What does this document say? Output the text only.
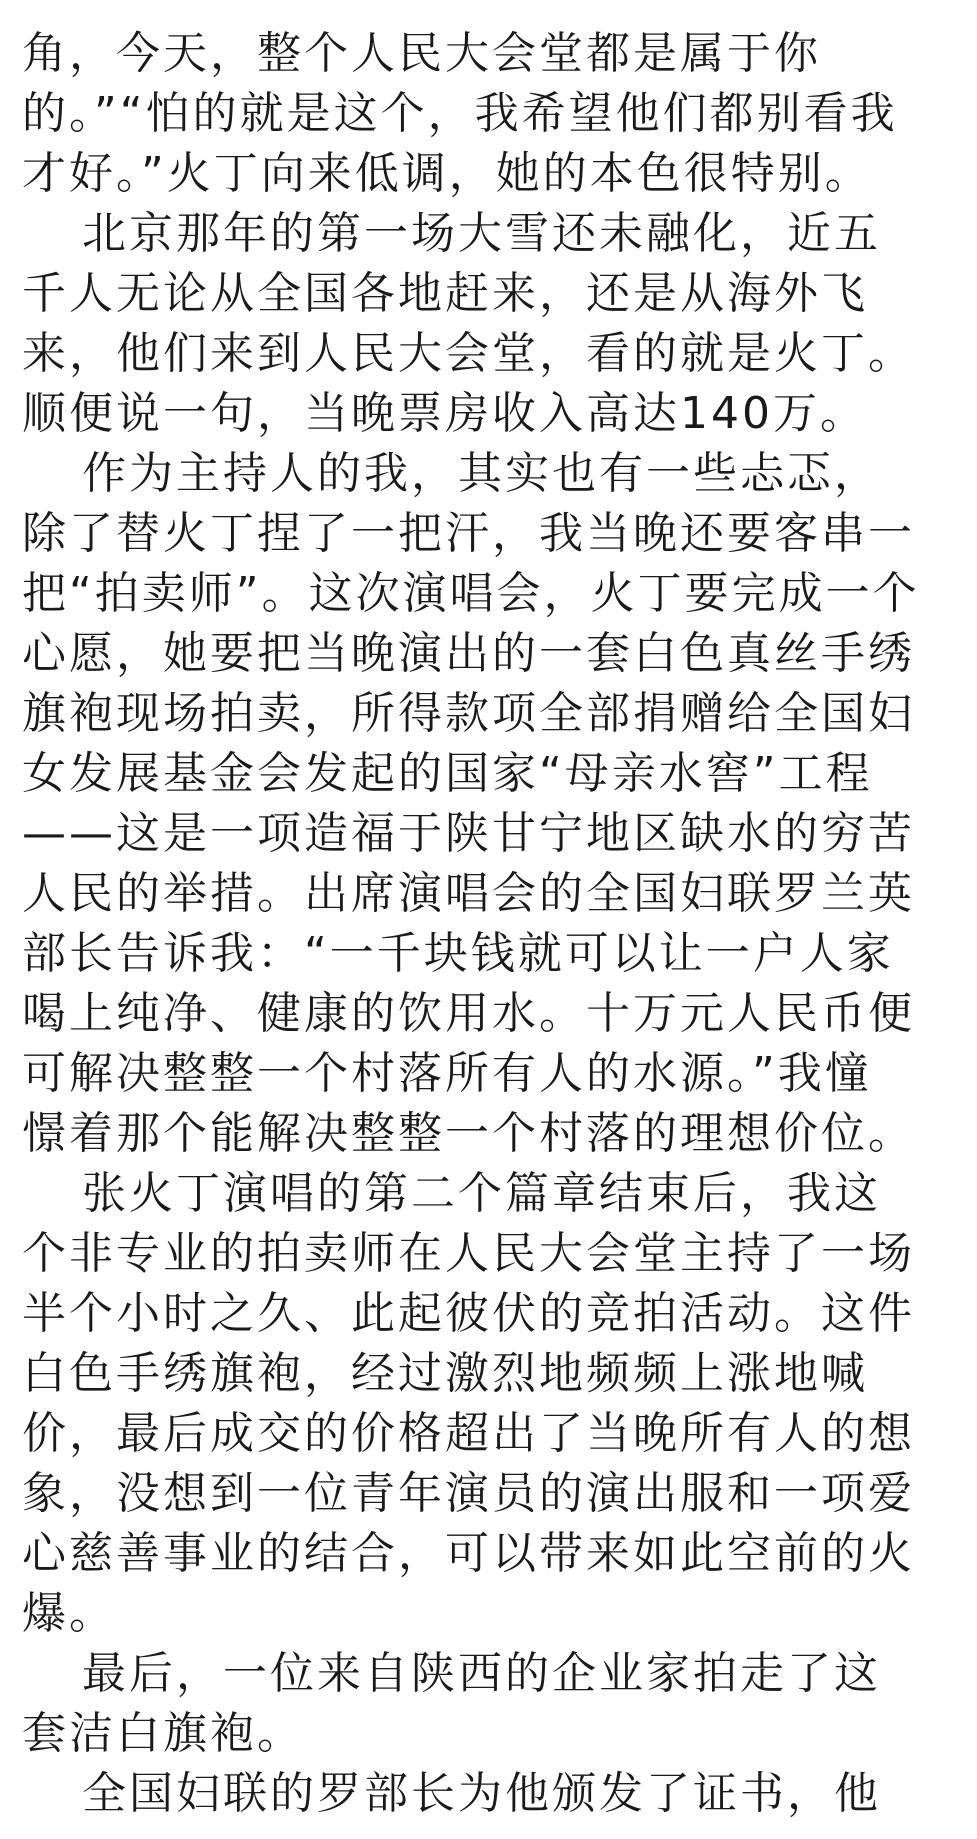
角，今天，整个人民大会堂都是属于你
的。”“怕的就是这个，我希望他们都别看我
才好。”火丁向来低调，她的本色很特别。
北京那年的第一场大雪还未融化，近五
千人无论从全国各地赶来，还是从海外飞
来，他们来到人民大会堂，看的就是火丁。
顺便说一句，当晚票房收入高达140万。
作为主持人的我，其实也有一些忐忑，
除了替火丁捏了一把汗，我当晚还要客串一
把“拍卖师”。这次演唱会，火丁要完成一个
心愿，她要把当晚演出的一套白色真丝手绣
旗袍现场拍卖，所得款项全部捐赠给全国妇
女发展基金会发起的国家“母亲水窖”工程
——这是一项造福于陕甘宁地区缺水的穷苦
人民的举措。出席演唱会的全国妇联罗兰英
部长告诉我：“一千块钱就可以让一户人家
喝上纯净、健康的饮用水。十万元人民币便
可解决整整一个村落所有人的水源。”我憧
憬着那个能解决整整一个村落的理想价位。
张火丁演唱的第二个篇章结束后，我这
个非专业的拍卖师在人民大会堂主持了一场
半个小时之久、此起彼伏的竞拍活动。这件
白色手绣旗袍，经过激烈地频频上涨地喊
价，最后成交的价格超出了当晚所有人的想
象，没想到一位青年演员的演出服和一项爱
心慈善事业的结合，可以带来如此空前的火
爆。
最后，一位来自陕西的企业家拍走了这
套洁白旗袍。
全国妇联的罗部长为他颁发了证书，他
